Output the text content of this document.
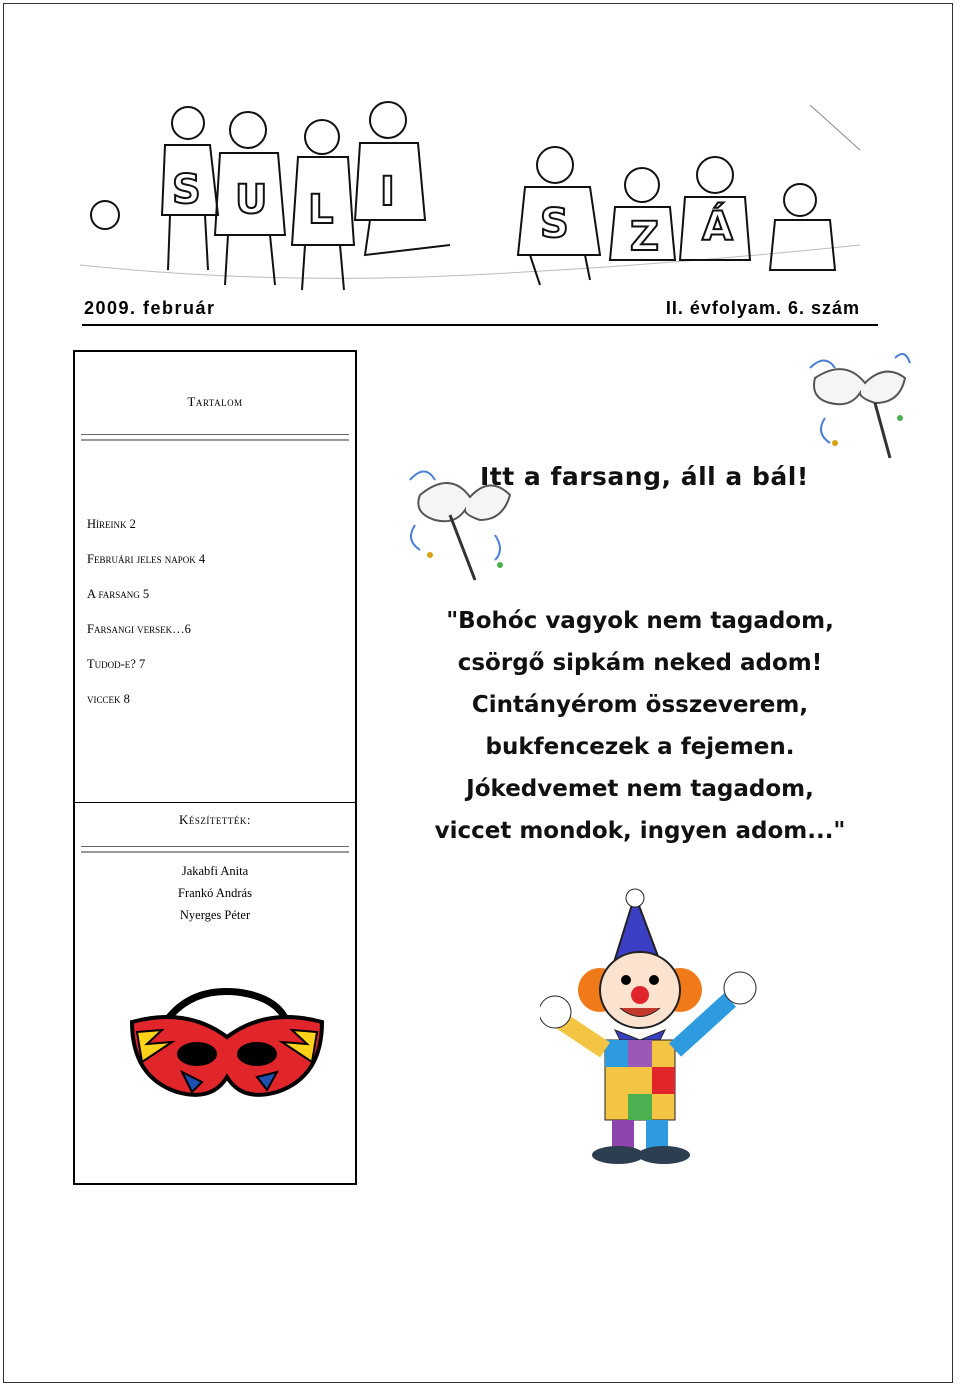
S U L I
S Z Á
2009. február	II. évfolyam. 6. szám
Tartalom
Híreink 2
Februári jeles napok 4
A farsang 5
Farsangi versek…6
Tudod-e? 7
viccek 8
Készítették:
Jakabfi Anita
Frankó András
Nyerges Péter
Itt a farsang, áll a bál!
"Bohóc vagyok nem tagadom,
csörgő sipkám neked adom!
Cintányérom összeverem,
bukfencezek a fejemen.
Jókedvemet nem tagadom,
viccet mondok, ingyen adom..."
